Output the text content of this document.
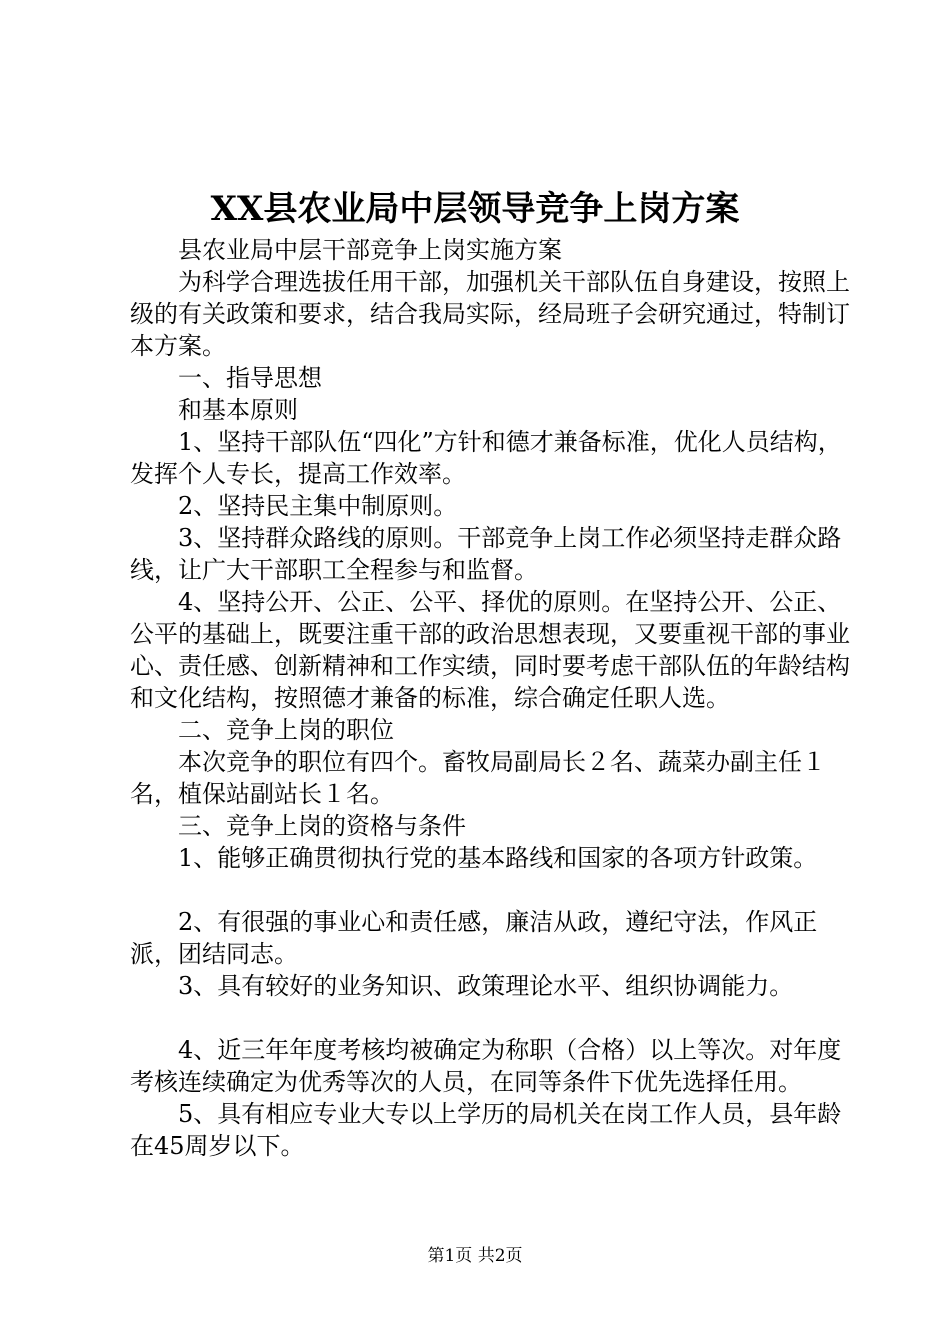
XX县农业局中层领导竞争上岗方案

县农业局中层干部竞争上岗实施方案

为科学合理选拔任用干部，加强机关干部队伍自身建设，按照上级的有关政策和要求，结合我局实际，经局班子会研究通过，特制订本方案。

一、指导思想

和基本原则

1、坚持干部队伍“四化”方针和德才兼备标准，优化人员结构，发挥个人专长，提高工作效率。

2、坚持民主集中制原则。

3、坚持群众路线的原则。干部竞争上岗工作必须坚持走群众路线，让广大干部职工全程参与和监督。

4、坚持公开、公正、公平、择优的原则。在坚持公开、公正、公平的基础上，既要注重干部的政治思想表现，又要重视干部的事业心、责任感、创新精神和工作实绩，同时要考虑干部队伍的年龄结构和文化结构，按照德才兼备的标准，综合确定任职人选。

二、竞争上岗的职位

本次竞争的职位有四个。畜牧局副局长２名、蔬菜办副主任１名，植保站副站长１名。

三、竞争上岗的资格与条件

1、能够正确贯彻执行党的基本路线和国家的各项方针政策。

2、有很强的事业心和责任感，廉洁从政，遵纪守法，作风正派，团结同志。

3、具有较好的业务知识、政策理论水平、组织协调能力。

4、近三年年度考核均被确定为称职（合格）以上等次。对年度考核连续确定为优秀等次的人员，在同等条件下优先选择任用。

5、具有相应专业大专以上学历的局机关在岗工作人员，县年龄在45周岁以下。

第1页 共2页
